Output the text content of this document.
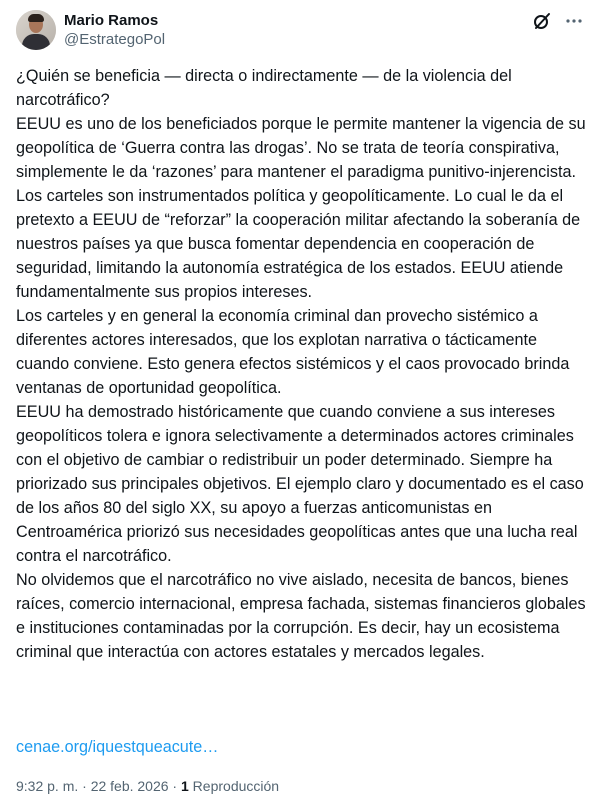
Mario Ramos
@EstrategoPol

¿Quién se beneficia — directa o indirectamente — de la violencia del narcotráfico?

EEUU es uno de los beneficiados porque le permite mantener la vigencia de su geopolítica de ‘Guerra contra las drogas’. No se trata de teoría conspirativa, simplemente le da ‘razones’ para mantener el paradigma punitivo-injerencista. Los carteles son instrumentados política y geopolíticamente. Lo cual le da el pretexto a EEUU de “reforzar” la cooperación militar afectando la soberanía de nuestros países ya que busca fomentar dependencia en cooperación de seguridad, limitando la autonomía estratégica de los estados. EEUU atiende fundamentalmente sus propios intereses.

Los carteles y en general la economía criminal dan provecho sistémico a diferentes actores interesados, que los explotan narrativa o tácticamente cuando conviene. Esto genera efectos sistémicos y el caos provocado brinda ventanas de oportunidad geopolítica.

EEUU ha demostrado históricamente que cuando conviene a sus intereses geopolíticos tolera e ignora selectivamente a determinados actores criminales con el objetivo de cambiar o redistribuir un poder determinado. Siempre ha priorizado sus principales objetivos. El ejemplo claro y documentado es el caso de los años 80 del siglo XX, su apoyo a fuerzas anticomunistas en Centroamérica priorizó sus necesidades geopolíticas antes que una lucha real contra el narcotráfico.

No olvidemos que el narcotráfico no vive aislado, necesita de bancos, bienes raíces, comercio internacional, empresa fachada, sistemas financieros globales e instituciones contaminadas por la corrupción. Es decir, hay un ecosistema criminal que interactúa con actores estatales y mercados legales.

cenae.org/iquestqueacute…
9:32 p. m. · 22 feb. 2026 · 1 Reproducción
